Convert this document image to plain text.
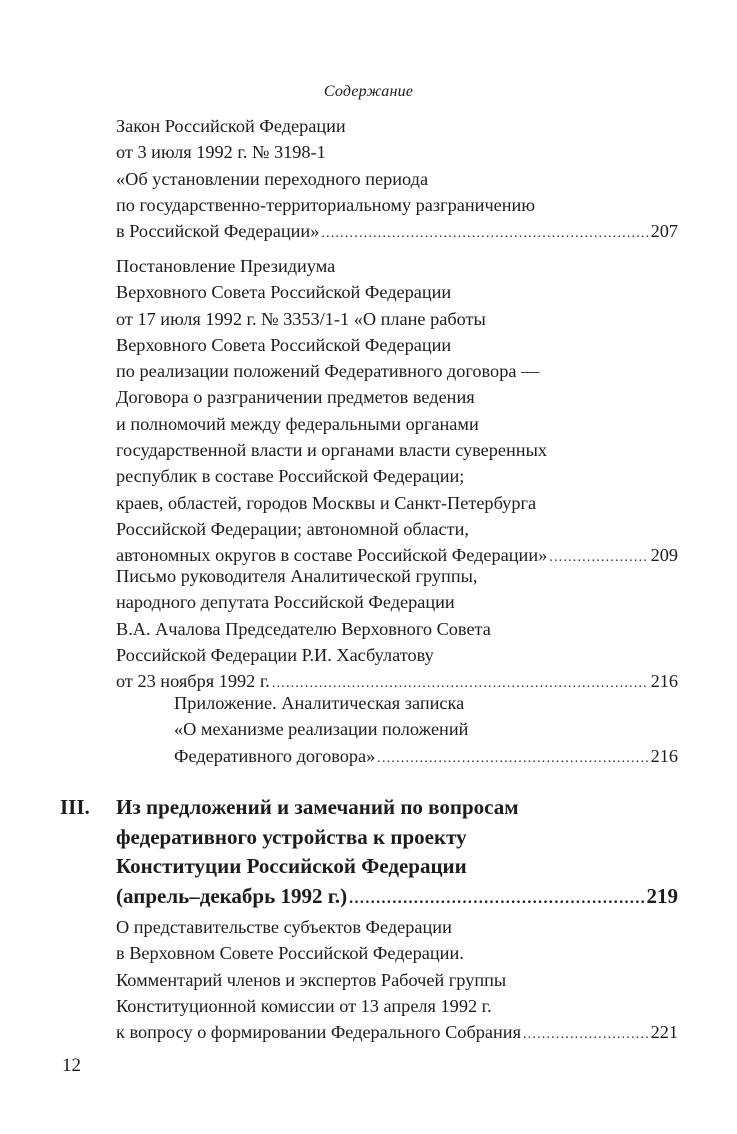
Содержание
Закон Российской Федерации
от 3 июля 1992 г. № 3198-1
«Об установлении переходного периода
по государственно-территориальному разграничению
в Российской Федерации» .....	207
Постановление Президиума
Верховного Совета Российской Федерации
от 17 июля 1992 г. № 3353/1-1 «О плане работы
Верховного Совета Российской Федерации
по реализации положений Федеративного договора —
Договора о разграничении предметов ведения
и полномочий между федеральными органами
государственной власти и органами власти суверенных
республик в составе Российской Федерации;
краев, областей, городов Москвы и Санкт-Петербурга
Российской Федерации; автономной области,
автономных округов в составе Российской Федерации» .....	209
Письмо руководителя Аналитической группы,
народного депутата Российской Федерации
В.А. Ачалова Председателю Верховного Совета
Российской Федерации Р.И. Хасбулатову
от 23 ноября 1992 г. .....	216
Приложение. Аналитическая записка
«О механизме реализации положений
Федеративного договора» .....	216
III. Из предложений и замечаний по вопросам
федеративного устройства к проекту
Конституции Российской Федерации
(апрель–декабрь 1992 г.) .....	219
О представительстве субъектов Федерации
в Верховном Совете Российской Федерации.
Комментарий членов и экспертов Рабочей группы
Конституционной комиссии от 13 апреля 1992 г.
к вопросу о формировании Федерального Собрания .....	221
12
